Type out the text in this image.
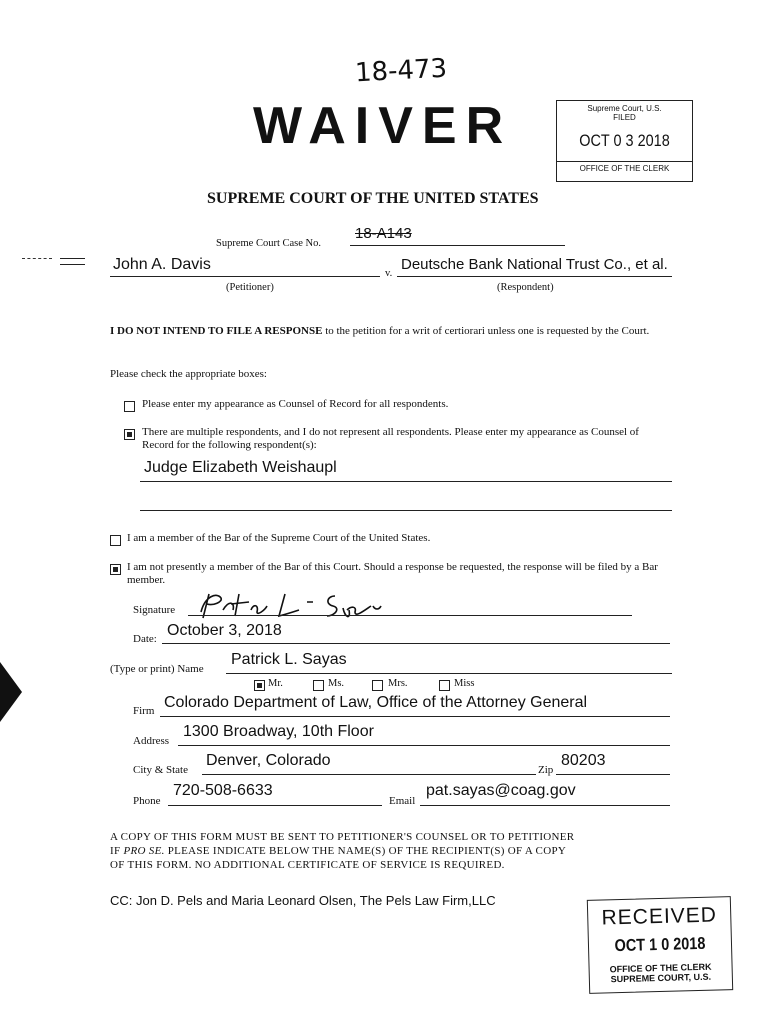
18-473
WAIVER	Supreme Court, U.S.
FILED
OCT 0 3 2018
OFFICE OF THE CLERK
SUPREME COURT OF THE UNITED STATES
Supreme Court Case No.
18-A143
John A. Davis
v.
Deutsche Bank National Trust Co., et al.
(Petitioner)	(Respondent)
I DO NOT INTEND TO FILE A RESPONSE to the petition for a writ of certiorari unless one is requested by the Court.
Please check the appropriate boxes:
Please enter my appearance as Counsel of Record for all respondents.
There are multiple respondents, and I do not represent all respondents. Please enter my appearance as Counsel of Record for the following respondent(s):
Judge Elizabeth Weishaupl
I am a member of the Bar of the Supreme Court of the United States.
I am not presently a member of the Bar of this Court. Should a response be requested, the response will be filed by a Bar member.
Signature
Date: October 3, 2018
(Type or print) Name
Patrick L. Sayas
Mr.	Ms.	Mrs.	Miss
Firm Colorado Department of Law, Office of the Attorney General
Address
1300 Broadway, 10th Floor
City & State
Denver, Colorado
Zip
80203
Phone
720-508-6633
Email
pat.sayas@coag.gov
A COPY OF THIS FORM MUST BE SENT TO PETITIONER'S COUNSEL OR TO PETITIONER
IF PRO SE. PLEASE INDICATE BELOW THE NAME(S) OF THE RECIPIENT(S) OF A COPY
OF THIS FORM. NO ADDITIONAL CERTIFICATE OF SERVICE IS REQUIRED.
CC: Jon D. Pels and Maria Leonard Olsen, The Pels Law Firm,LLC
RECEIVED
OCT 1 0 2018
OFFICE OF THE CLERK
SUPREME COURT, U.S.
